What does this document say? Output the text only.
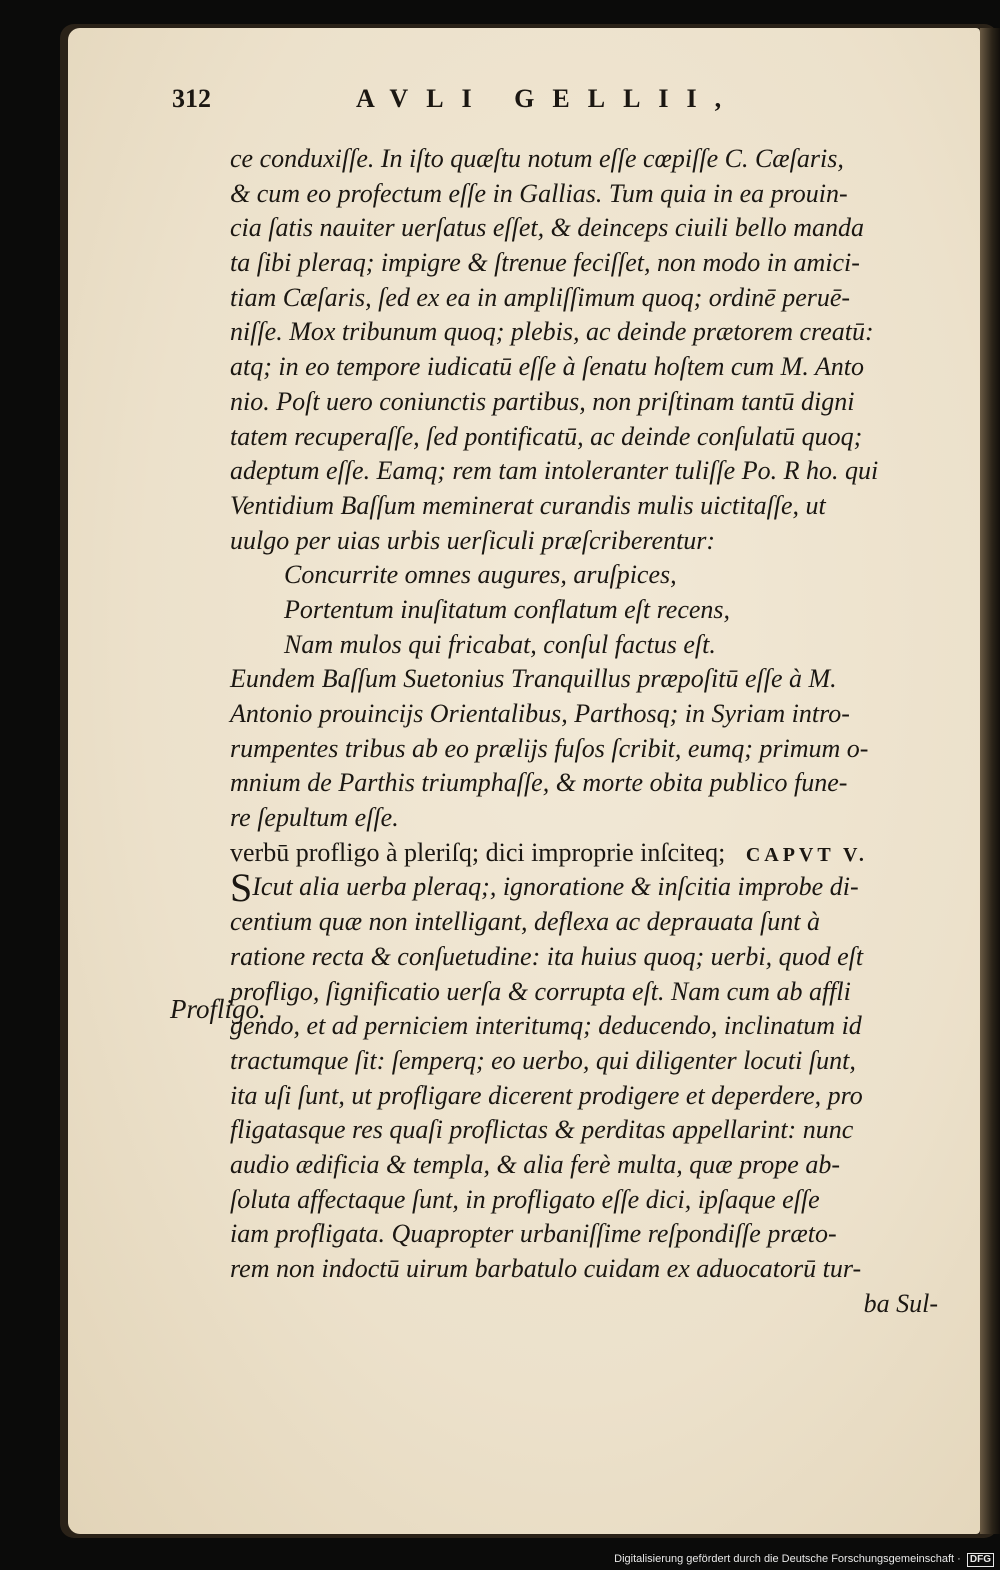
312	AVLI GELLII,
Profligo.
ce conduxiſſe. In iſto quæſtu notum eſſe cœpiſſe C. Cæſaris,
& cum eo profectum eſſe in Gallias. Tum quia in ea prouin-
cia ſatis nauiter uerſatus eſſet, & deinceps ciuili bello manda
ta ſibi pleraq; impigre & ſtrenue feciſſet, non modo in amici-
tiam Cæſaris, ſed ex ea in ampliſſimum quoq; ordinē peruē-
niſſe. Mox tribunum quoq; plebis, ac deinde prætorem creatū:
atq; in eo tempore iudicatū eſſe à ſenatu hoſtem cum M. Anto
nio. Poſt uero coniunctis partibus, non priſtinam tantū digni
tatem recuperaſſe, ſed pontificatū, ac deinde conſulatū quoq;
adeptum eſſe. Eamq; rem tam intoleranter tuliſſe Po. R ho. qui
Ventidium Baſſum meminerat curandis mulis uictitaſſe, ut
uulgo per uias urbis uerſiculi præſcriberentur:
Concurrite omnes augures, aruſpices,
Portentum inuſitatum conflatum eſt recens,
Nam mulos qui fricabat, conſul factus eſt.
Eundem Baſſum Suetonius Tranquillus præpoſitū eſſe à M.
Antonio prouincijs Orientalibus, Parthosq; in Syriam intro-
rumpentes tribus ab eo prælijs fuſos ſcribit, eumq; primum o-
mnium de Parthis triumphaſſe, & morte obita publico fune-
re ſepultum eſſe.
verbū profligo à pleriſq; dici improprie inſciteq; CAPVT V.
SIcut alia uerba pleraq;, ignoratione & inſcitia improbe di-
centium quæ non intelligant, deflexa ac deprauata ſunt à
ratione recta & conſuetudine: ita huius quoq; uerbi, quod eſt
profligo, ſignificatio uerſa & corrupta eſt. Nam cum ab affli
gendo, et ad perniciem interitumq; deducendo, inclinatum id
tractumque ſit: ſemperq; eo uerbo, qui diligenter locuti ſunt,
ita uſi ſunt, ut profligare dicerent prodigere et deperdere, pro
fligatasque res quaſi proflictas & perditas appellarint: nunc
audio ædificia & templa, & alia ferè multa, quæ prope ab-
ſoluta affectaque ſunt, in profligato eſſe dici, ipſaque eſſe
iam profligata. Quapropter urbaniſſime reſpondiſſe præto-
rem non indoctū uirum barbatulo cuidam ex aduocatorū tur-
ba Sul-
Digitalisierung gefördert durch die Deutsche Forschungsgemeinschaft · DFG
